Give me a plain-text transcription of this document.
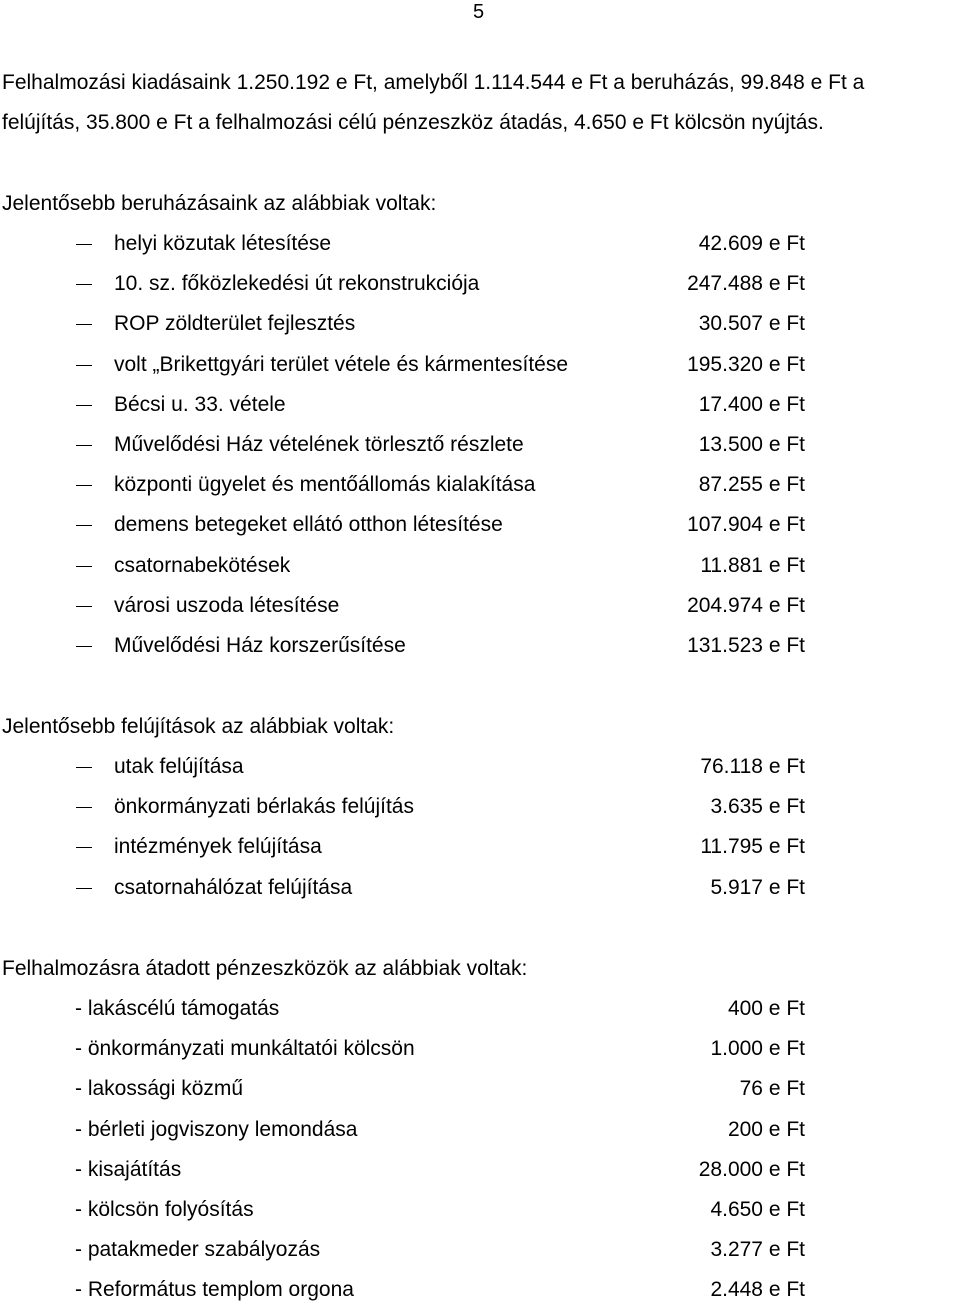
5
Felhalmozási kiadásaink 1.250.192 e Ft, amelyből 1.114.544 e Ft a beruházás, 99.848 e Ft a
felújítás, 35.800 e Ft a felhalmozási célú pénzeszköz átadás, 4.650 e Ft kölcsön nyújtás.
Jelentősebb beruházásaink az alábbiak voltak:
helyi közutak létesítése	42.609 e Ft
10. sz. főközlekedési út rekonstrukciója	247.488 e Ft
ROP zöldterület fejlesztés	30.507 e Ft
volt „Brikettgyári terület vétele és kármentesítése	195.320 e Ft
Bécsi u. 33. vétele	17.400 e Ft
Művelődési Ház vételének törlesztő részlete	13.500 e Ft
központi ügyelet és mentőállomás kialakítása	87.255 e Ft
demens betegeket ellátó otthon létesítése	107.904 e Ft
csatornabekötések	11.881 e Ft
városi uszoda létesítése	204.974 e Ft
Művelődési Ház korszerűsítése	131.523 e Ft
Jelentősebb felújítások az alábbiak voltak:
utak felújítása	76.118 e Ft
önkormányzati bérlakás felújítás	3.635 e Ft
intézmények felújítása	11.795 e Ft
csatornahálózat felújítása	5.917 e Ft
Felhalmozásra átadott pénzeszközök az alábbiak voltak:
- lakáscélú támogatás	400 e Ft
- önkormányzati munkáltatói kölcsön	1.000 e Ft
- lakossági közmű	76 e Ft
- bérleti jogviszony lemondása	200 e Ft
- kisajátítás	28.000 e Ft
- kölcsön folyósítás	4.650 e Ft
- patakmeder szabályozás	3.277 e Ft
- Református templom orgona	2.448 e Ft
